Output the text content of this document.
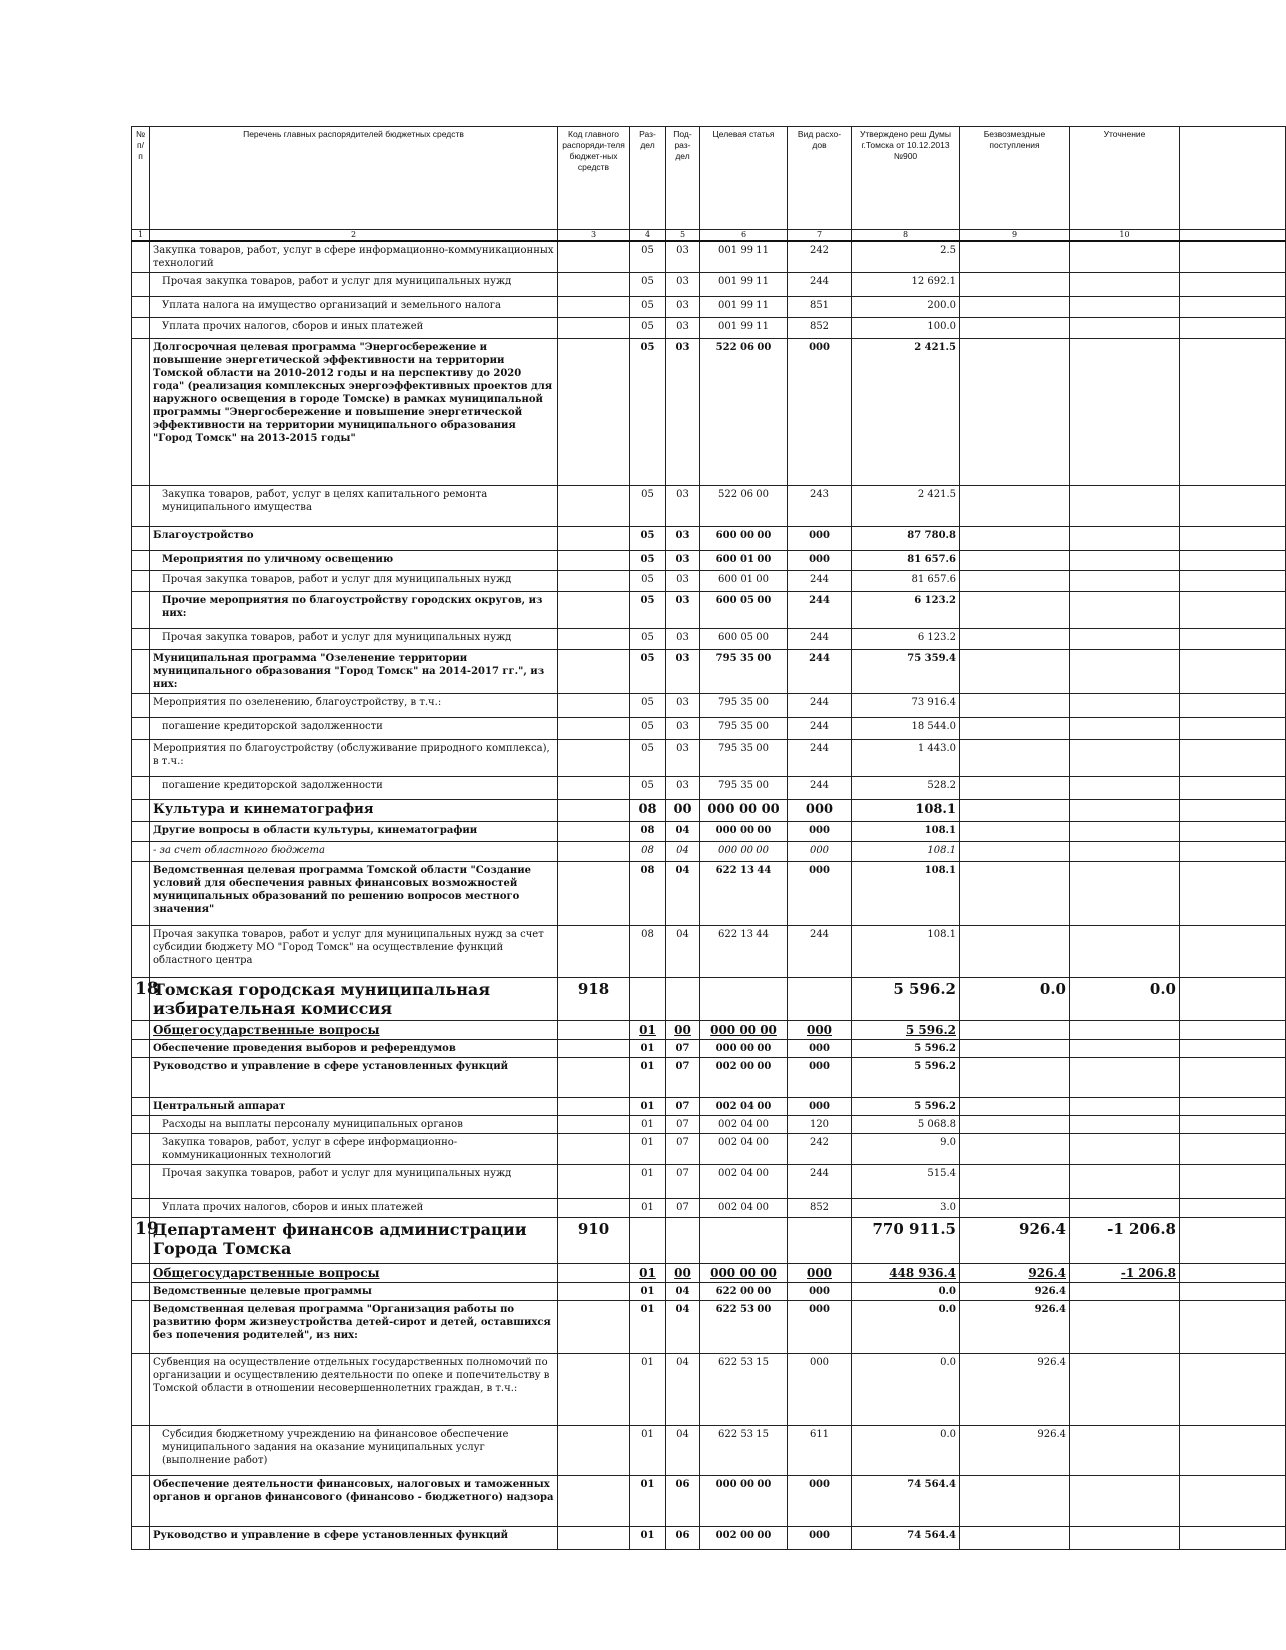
№ п/п	Перечень главных распорядителей бюджетных средств	Код главного распоряди-теля бюджет-ных средств	Раз-дел	Под-раз-дел	Целевая статья	Вид расхо-дов	Утверждено реш Думы г.Томска от 10.12.2013 №900	Безвозмездные поступления	Уточнение	
1	2	3	4	5	6	7	8	9	10	
	Закупка товаров, работ, услуг в сфере информационно-коммуникационных технологий		05	03	001 99 11	242	2.5			
	Прочая закупка товаров, работ и услуг для муниципальных нужд		05	03	001 99 11	244	12 692.1			
	Уплата налога на имущество организаций и земельного налога		05	03	001 99 11	851	200.0			
	Уплата прочих налогов, сборов и иных платежей		05	03	001 99 11	852	100.0			
	Долгосрочная целевая программа "Энергосбережение и повышение энергетической эффективности на территории Томской области на 2010-2012 годы и на перспективу до 2020 года" (реализация комплексных энергоэффективных проектов для наружного освещения в городе Томске) в рамках муниципальной программы "Энергосбережение и повышение энергетической эффективности на территории муниципального образования "Город Томск" на 2013-2015 годы"		05	03	522 06 00	000	2 421.5			
	Закупка товаров, работ, услуг в целях капитального ремонта муниципального имущества		05	03	522 06 00	243	2 421.5			
	Благоустройство		05	03	600 00 00	000	87 780.8			
	Мероприятия по уличному освещению		05	03	600 01 00	000	81 657.6			
	Прочая закупка товаров, работ и услуг для муниципальных нужд		05	03	600 01 00	244	81 657.6			
	Прочие мероприятия по благоустройству городских округов, из них:		05	03	600 05 00	244	6 123.2			
	Прочая закупка товаров, работ и услуг для муниципальных нужд		05	03	600 05 00	244	6 123.2			
	Муниципальная программа "Озеленение территории муниципального образования "Город Томск" на 2014-2017 гг.", из них:		05	03	795 35 00	244	75 359.4			
	Мероприятия по озеленению, благоустройству, в т.ч.:		05	03	795 35 00	244	73 916.4			
	погашение кредиторской задолженности		05	03	795 35 00	244	18 544.0			
	Мероприятия по благоустройству (обслуживание природного комплекса), в т.ч.:		05	03	795 35 00	244	1 443.0			
	погашение кредиторской задолженности		05	03	795 35 00	244	528.2			
	Культура и кинематография		08	00	000 00 00	000	108.1			
	Другие вопросы в области культуры, кинематографии		08	04	000 00 00	000	108.1			
	- за счет областного бюджета		08	04	000 00 00	000	108.1			
	Ведомственная целевая программа Томской области "Создание условий для обеспечения равных финансовых возможностей муниципальных образований по решению вопросов местного значения"		08	04	622 13 44	000	108.1			
	Прочая закупка товаров, работ и услуг для муниципальных нужд за счет субсидии бюджету МО "Город Томск" на осуществление функций областного центра		08	04	622 13 44	244	108.1			
18	Томская городская муниципальная избирательная комиссия	918					5 596.2	0.0	0.0	
	Общегосударственные вопросы		01	00	000 00 00	000	5 596.2			
	Обеспечение проведения выборов и референдумов		01	07	000 00 00	000	5 596.2			
	Руководство и управление в сфере установленных функций		01	07	002 00 00	000	5 596.2			
	Центральный аппарат		01	07	002 04 00	000	5 596.2			
	Расходы на выплаты персоналу муниципальных органов		01	07	002 04 00	120	5 068.8			
	Закупка товаров, работ, услуг в сфере информационно-коммуникационных технологий		01	07	002 04 00	242	9.0			
	Прочая закупка товаров, работ и услуг для муниципальных нужд		01	07	002 04 00	244	515.4			
	Уплата прочих налогов, сборов и иных платежей		01	07	002 04 00	852	3.0			
19	Департамент финансов администрации Города Томска	910					770 911.5	926.4	-1 206.8	
	Общегосударственные вопросы		01	00	000 00 00	000	448 936.4	926.4	-1 206.8	
	Ведомственные целевые программы		01	04	622 00 00	000	0.0	926.4		
	Ведомственная целевая программа "Организация работы по развитию форм жизнеустройства детей-сирот и детей, оставшихся без попечения родителей", из них:		01	04	622 53 00	000	0.0	926.4		
	Субвенция на осуществление отдельных государственных полномочий по организации и осуществлению деятельности по опеке и попечительству в Томской области в отношении несовершеннолетних граждан, в т.ч.:		01	04	622 53 15	000	0.0	926.4		
	Субсидия бюджетному учреждению на финансовое обеспечение муниципального задания на оказание муниципальных услуг (выполнение работ)		01	04	622 53 15	611	0.0	926.4		
	Обеспечение деятельности финансовых, налоговых и таможенных органов и органов финансового (финансово - бюджетного) надзора		01	06	000 00 00	000	74 564.4			
	Руководство и управление в сфере установленных функций		01	06	002 00 00	000	74 564.4			
